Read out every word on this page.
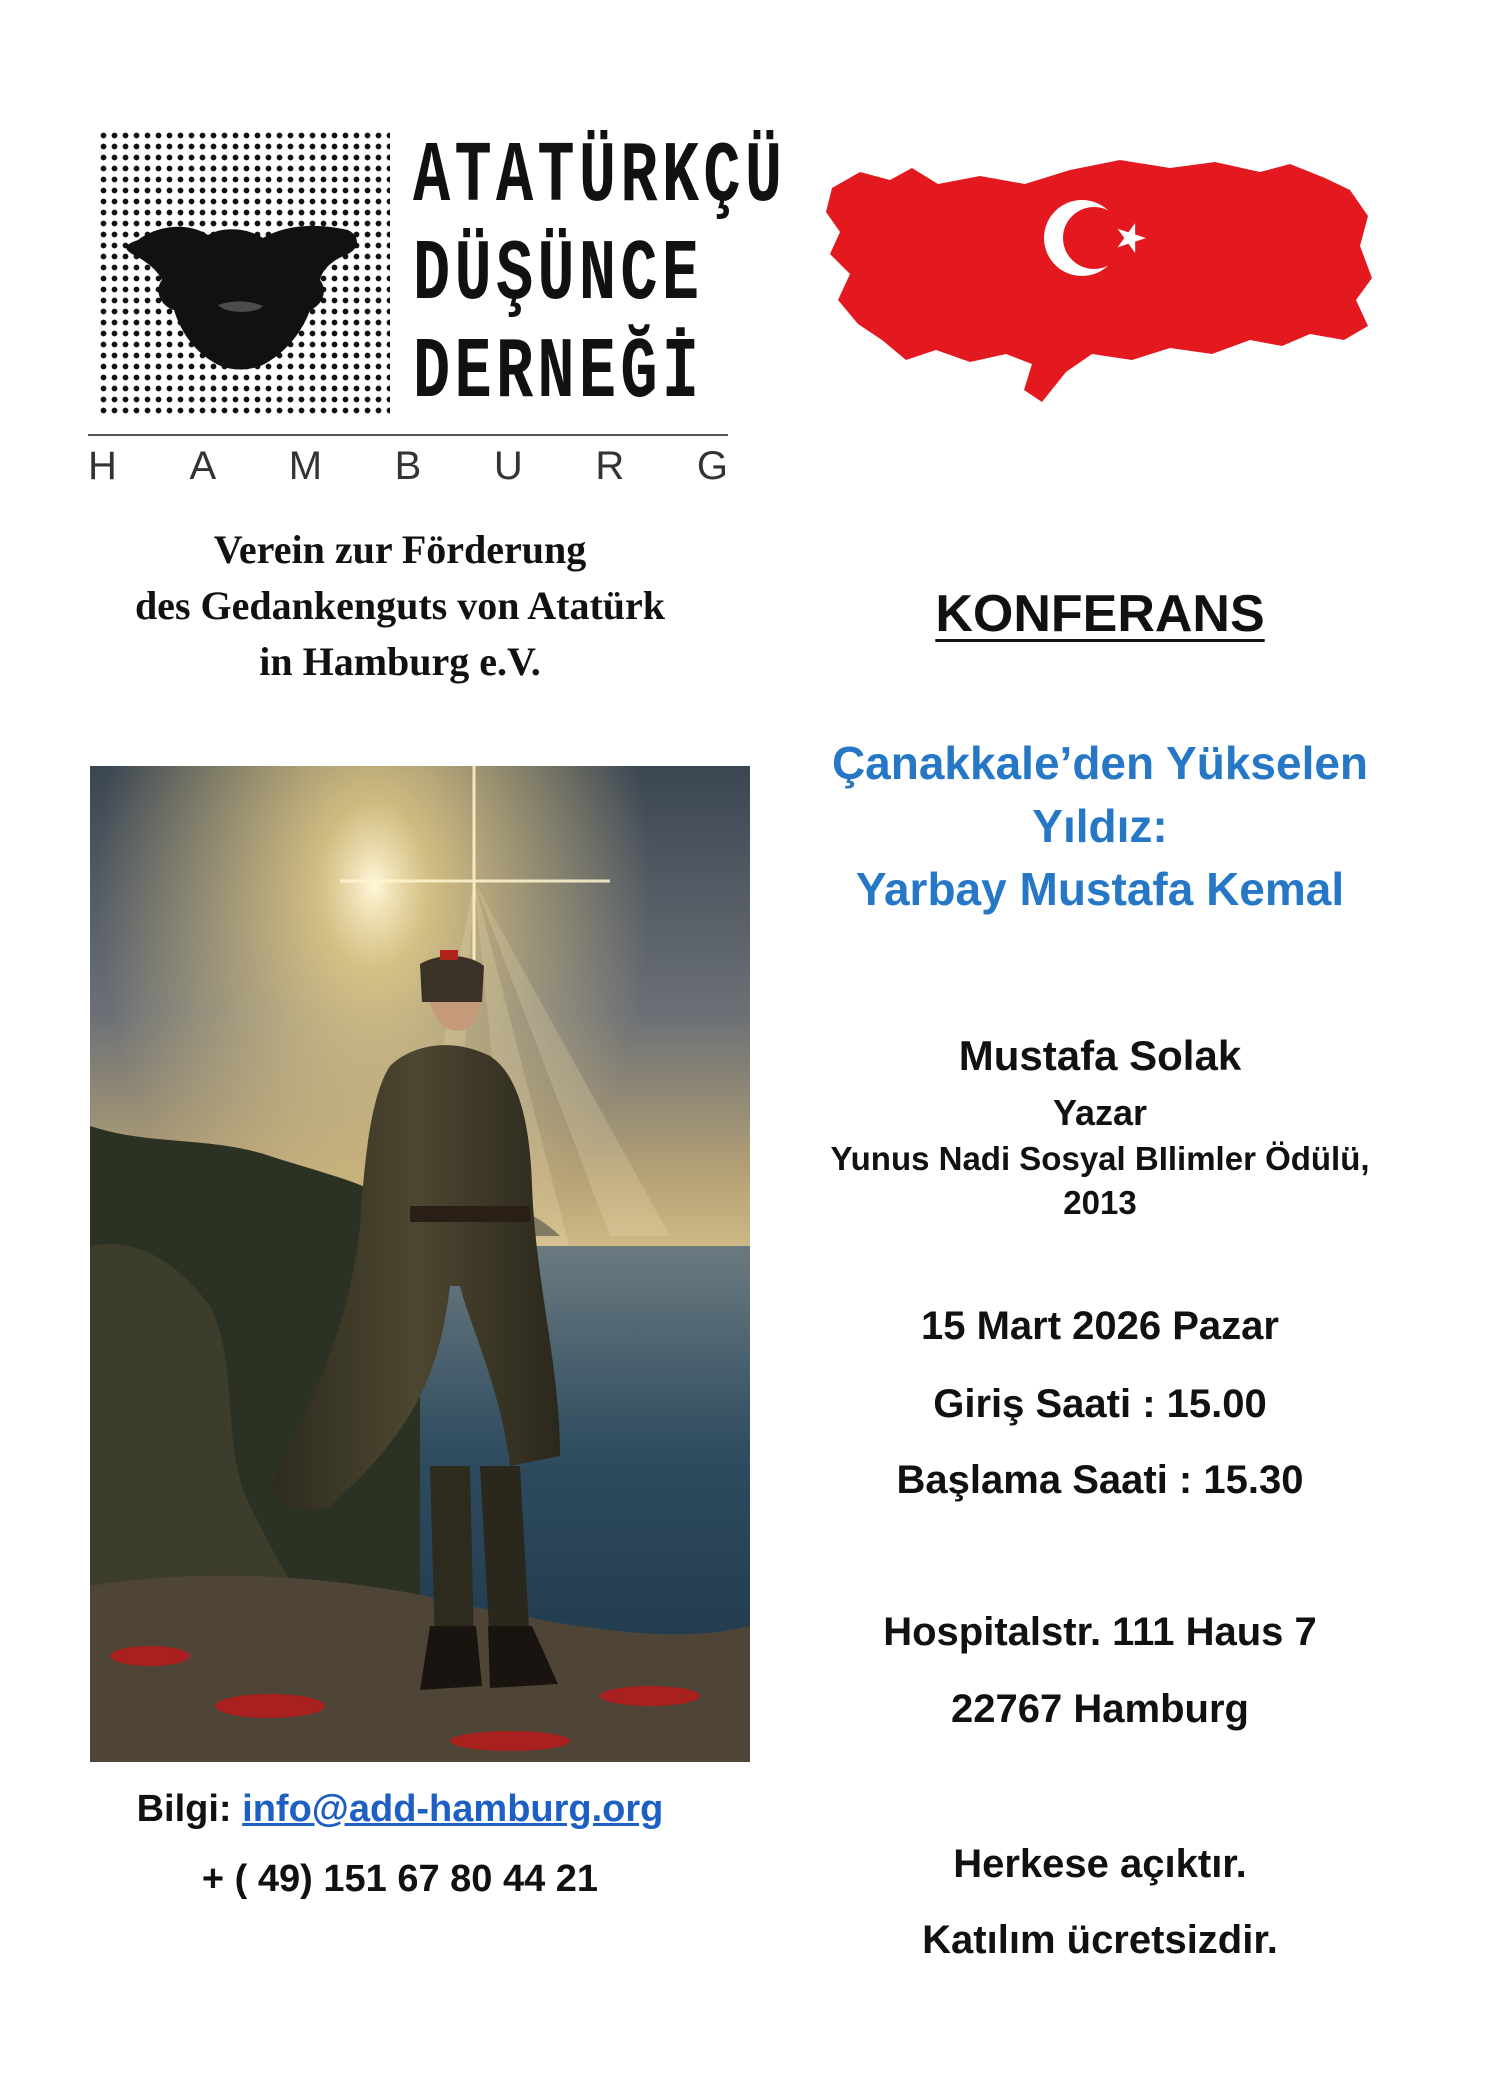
ATATÜRKÇÜ
DÜŞÜNCE
DERNEĞİ
H A M B U R G
Verein zur Förderung
des Gedankenguts von Atatürk
in Hamburg e.V.
Bilgi: info@add-hamburg.org
+ ( 49) 151 67 80 44 21
KONFERANS
Çanakkale’den Yükselen
Yıldız:
Yarbay Mustafa Kemal
Mustafa Solak
Yazar
Yunus Nadi Sosyal BIlimler Ödülü,
2013
15 Mart 2026 Pazar
Giriş Saati : 15.00
Başlama Saati : 15.30
Hospitalstr. 111 Haus 7
22767 Hamburg
Herkese açıktır.
Katılım ücretsizdir.
